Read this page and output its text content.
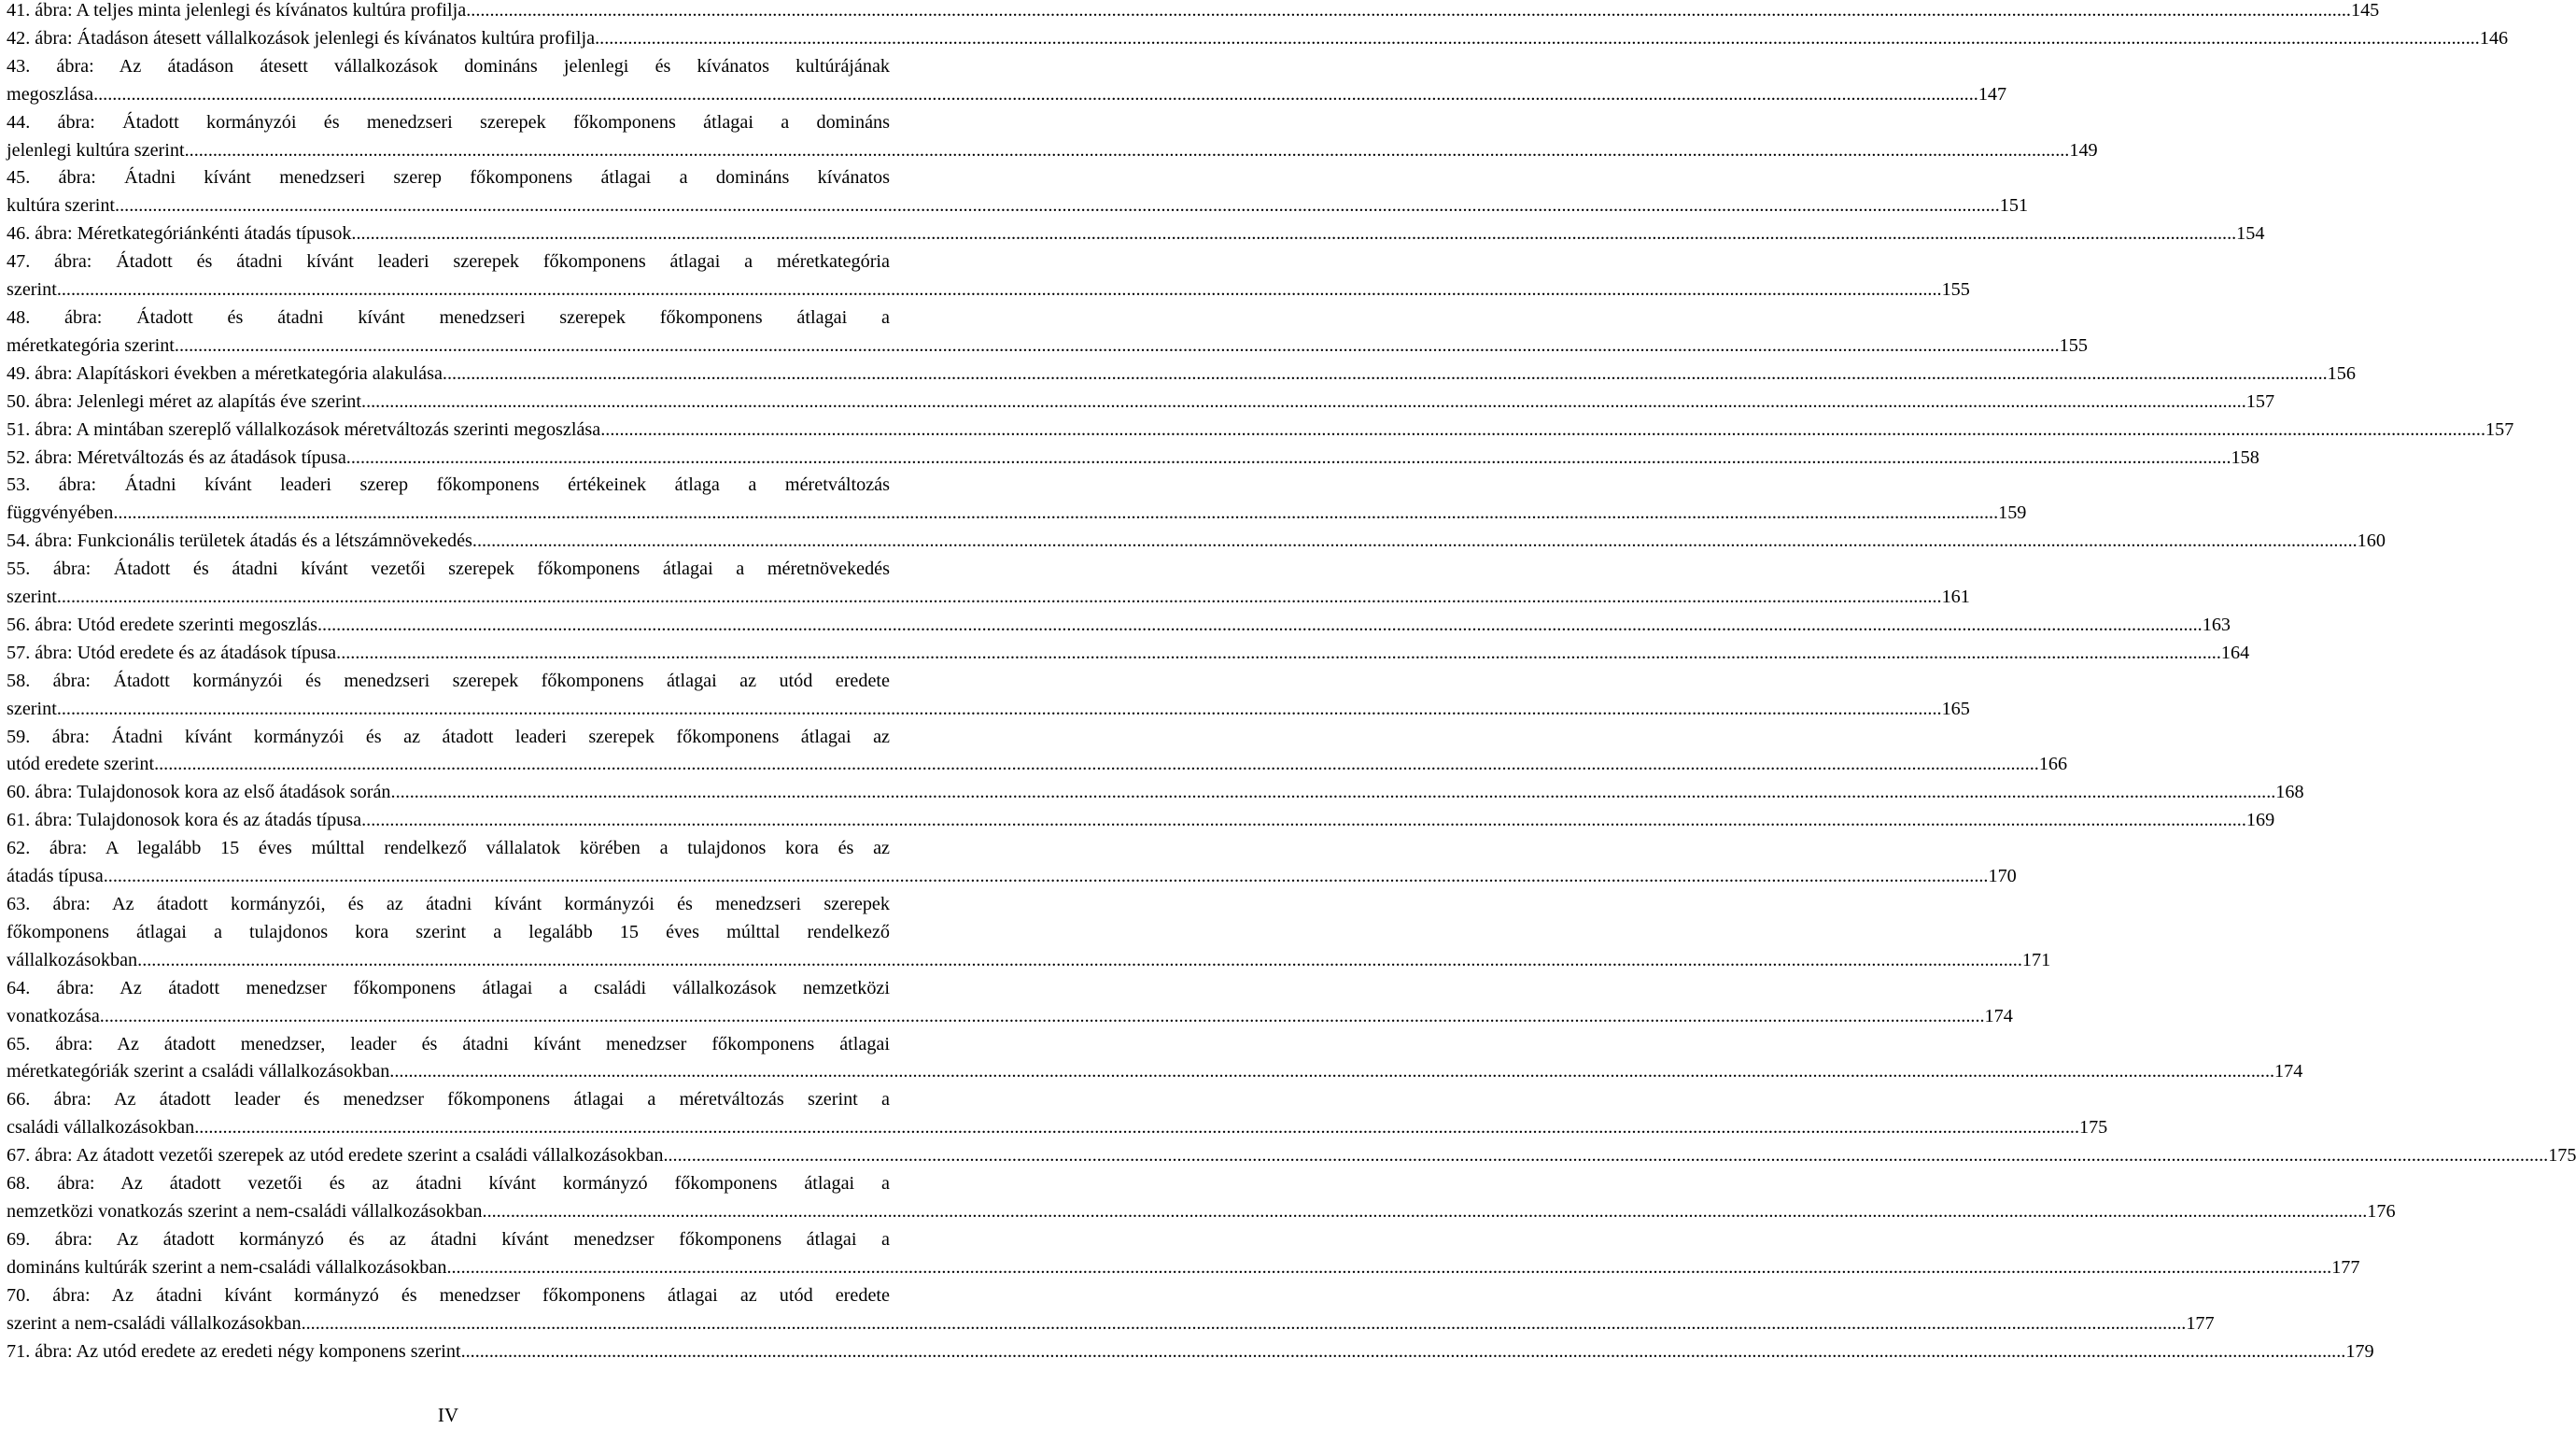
41. ábra: A teljes minta jelenlegi és kívánatos kultúra profilja ................................................................................................................................................................................................................................................................................................................................................................................................................ 145
42. ábra: Átadáson átesett vállalkozások jelenlegi és kívánatos kultúra profilja ................................................................................................................................................................................................................................................................................................................................................................................................................ 146
43. ábra: Az átadáson átesett vállalkozások domináns jelenlegi és kívánatos kultúrájának
megoszlása ................................................................................................................................................................................................................................................................................................................................................................................................................ 147
44. ábra: Átadott kormányzói és menedzseri szerepek főkomponens átlagai a domináns
jelenlegi kultúra szerint ................................................................................................................................................................................................................................................................................................................................................................................................................ 149
45. ábra: Átadni kívánt menedzseri szerep főkomponens átlagai a domináns kívánatos
kultúra szerint ................................................................................................................................................................................................................................................................................................................................................................................................................ 151
46. ábra: Méretkategóriánkénti átadás típusok ................................................................................................................................................................................................................................................................................................................................................................................................................ 154
47. ábra: Átadott és átadni kívánt leaderi szerepek főkomponens átlagai a méretkategória
szerint ................................................................................................................................................................................................................................................................................................................................................................................................................ 155
48. ábra: Átadott és átadni kívánt menedzseri szerepek főkomponens átlagai a
méretkategória szerint ................................................................................................................................................................................................................................................................................................................................................................................................................ 155
49. ábra: Alapításkori években a méretkategória alakulása ................................................................................................................................................................................................................................................................................................................................................................................................................ 156
50. ábra: Jelenlegi méret az alapítás éve szerint ................................................................................................................................................................................................................................................................................................................................................................................................................ 157
51. ábra: A mintában szereplő vállalkozások méretváltozás szerinti megoszlása ................................................................................................................................................................................................................................................................................................................................................................................................................ 157
52. ábra: Méretváltozás és az átadások típusa ................................................................................................................................................................................................................................................................................................................................................................................................................ 158
53. ábra: Átadni kívánt leaderi szerep főkomponens értékeinek átlaga a méretváltozás
függvényében ................................................................................................................................................................................................................................................................................................................................................................................................................ 159
54. ábra: Funkcionális területek átadás és a létszámnövekedés ................................................................................................................................................................................................................................................................................................................................................................................................................ 160
55. ábra: Átadott és átadni kívánt vezetői szerepek főkomponens átlagai a méretnövekedés
szerint ................................................................................................................................................................................................................................................................................................................................................................................................................ 161
56. ábra: Utód eredete szerinti megoszlás ................................................................................................................................................................................................................................................................................................................................................................................................................ 163
57. ábra: Utód eredete és az átadások típusa ................................................................................................................................................................................................................................................................................................................................................................................................................ 164
58. ábra: Átadott kormányzói és menedzseri szerepek főkomponens átlagai az utód eredete
szerint ................................................................................................................................................................................................................................................................................................................................................................................................................ 165
59. ábra: Átadni kívánt kormányzói és az átadott leaderi szerepek főkomponens átlagai az
utód eredete szerint ................................................................................................................................................................................................................................................................................................................................................................................................................ 166
60. ábra: Tulajdonosok kora az első átadások során ................................................................................................................................................................................................................................................................................................................................................................................................................ 168
61. ábra: Tulajdonosok kora és az átadás típusa ................................................................................................................................................................................................................................................................................................................................................................................................................ 169
62. ábra: A legalább 15 éves múlttal rendelkező vállalatok körében a tulajdonos kora és az
átadás típusa ................................................................................................................................................................................................................................................................................................................................................................................................................ 170
63. ábra: Az átadott kormányzói, és az átadni kívánt kormányzói és menedzseri szerepek
főkomponens átlagai a tulajdonos kora szerint a legalább 15 éves múlttal rendelkező
vállalkozásokban ................................................................................................................................................................................................................................................................................................................................................................................................................ 171
64. ábra: Az átadott menedzser főkomponens átlagai a családi vállalkozások nemzetközi
vonatkozása ................................................................................................................................................................................................................................................................................................................................................................................................................ 174
65. ábra: Az átadott menedzser, leader és átadni kívánt menedzser főkomponens átlagai
méretkategóriák szerint a családi vállalkozásokban ................................................................................................................................................................................................................................................................................................................................................................................................................ 174
66. ábra: Az átadott leader és menedzser főkomponens átlagai a méretváltozás szerint a
családi vállalkozásokban ................................................................................................................................................................................................................................................................................................................................................................................................................ 175
67. ábra: Az átadott vezetői szerepek az utód eredete szerint a családi vállalkozásokban ................................................................................................................................................................................................................................................................................................................................................................................................................ 175
68. ábra: Az átadott vezetői és az átadni kívánt kormányzó főkomponens átlagai a
nemzetközi vonatkozás szerint a nem-családi vállalkozásokban ................................................................................................................................................................................................................................................................................................................................................................................................................ 176
69. ábra: Az átadott kormányzó és az átadni kívánt menedzser főkomponens átlagai a
domináns kultúrák szerint a nem-családi vállalkozásokban ................................................................................................................................................................................................................................................................................................................................................................................................................ 177
70. ábra: Az átadni kívánt kormányzó és menedzser főkomponens átlagai az utód eredete
szerint a nem-családi vállalkozásokban ................................................................................................................................................................................................................................................................................................................................................................................................................ 177
71. ábra: Az utód eredete az eredeti négy komponens szerint ................................................................................................................................................................................................................................................................................................................................................................................................................ 179
IV
